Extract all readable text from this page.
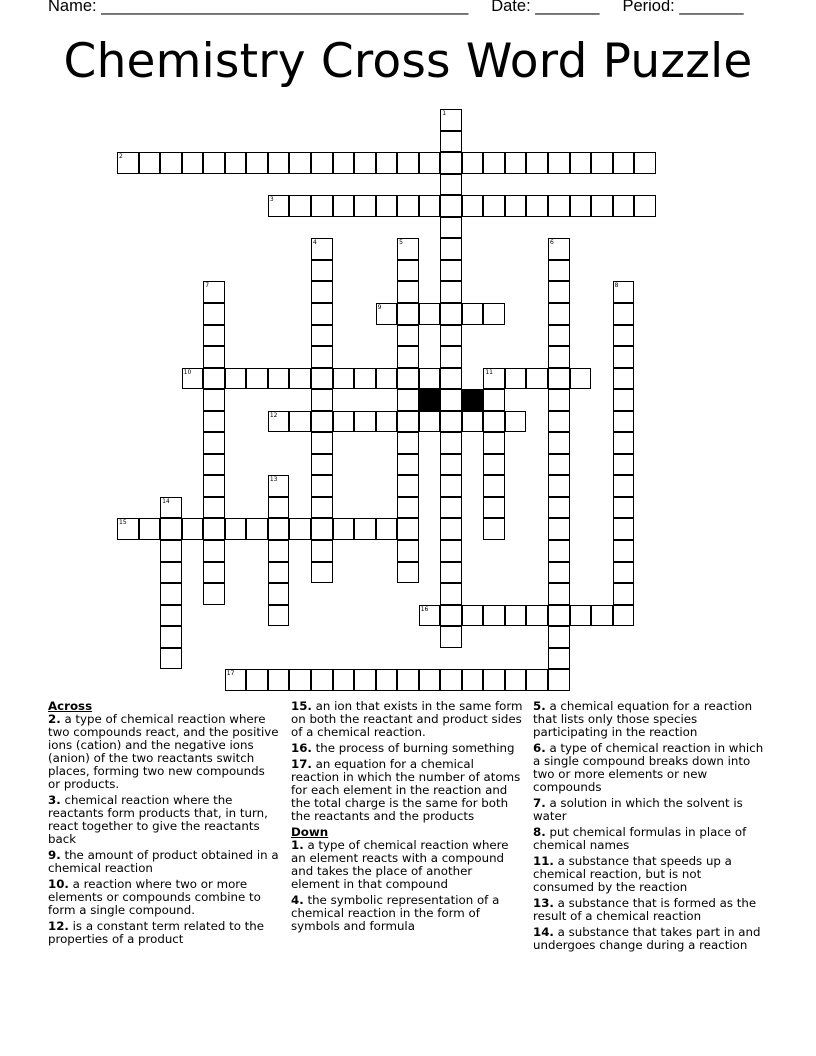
Name: ________________________________________ Date: _______ Period: _______
Chemistry Cross Word Puzzle
1
2
3
4	5	6
7	8
9
10	11
12
13
14
15
16
17

Across

2. a type of chemical reaction where two compounds react, and the positive ions (cation) and the negative ions (anion) of the two reactants switch places, forming two new compounds or products.

3. chemical reaction where the reactants form products that, in turn, react together to give the reactants back

9. the amount of product obtained in a chemical reaction

10. a reaction where two or more elements or compounds combine to form a single compound.

12. is a constant term related to the properties of a product

15. an ion that exists in the same form on both the reactant and product sides of a chemical reaction.

16. the process of burning something

17. an equation for a chemical reaction in which the number of atoms for each element in the reaction and the total charge is the same for both the reactants and the products

Down

1. a type of chemical reaction where an element reacts with a compound and takes the place of another element in that compound

4. the symbolic representation of a chemical reaction in the form of symbols and formula

5. a chemical equation for a reaction that lists only those species participating in the reaction

6. a type of chemical reaction in which a single compound breaks down into two or more elements or new compounds

7. a solution in which the solvent is water

8. put chemical formulas in place of chemical names

11. a substance that speeds up a chemical reaction, but is not consumed by the reaction

13. a substance that is formed as the result of a chemical reaction

14. a substance that takes part in and undergoes change during a reaction
